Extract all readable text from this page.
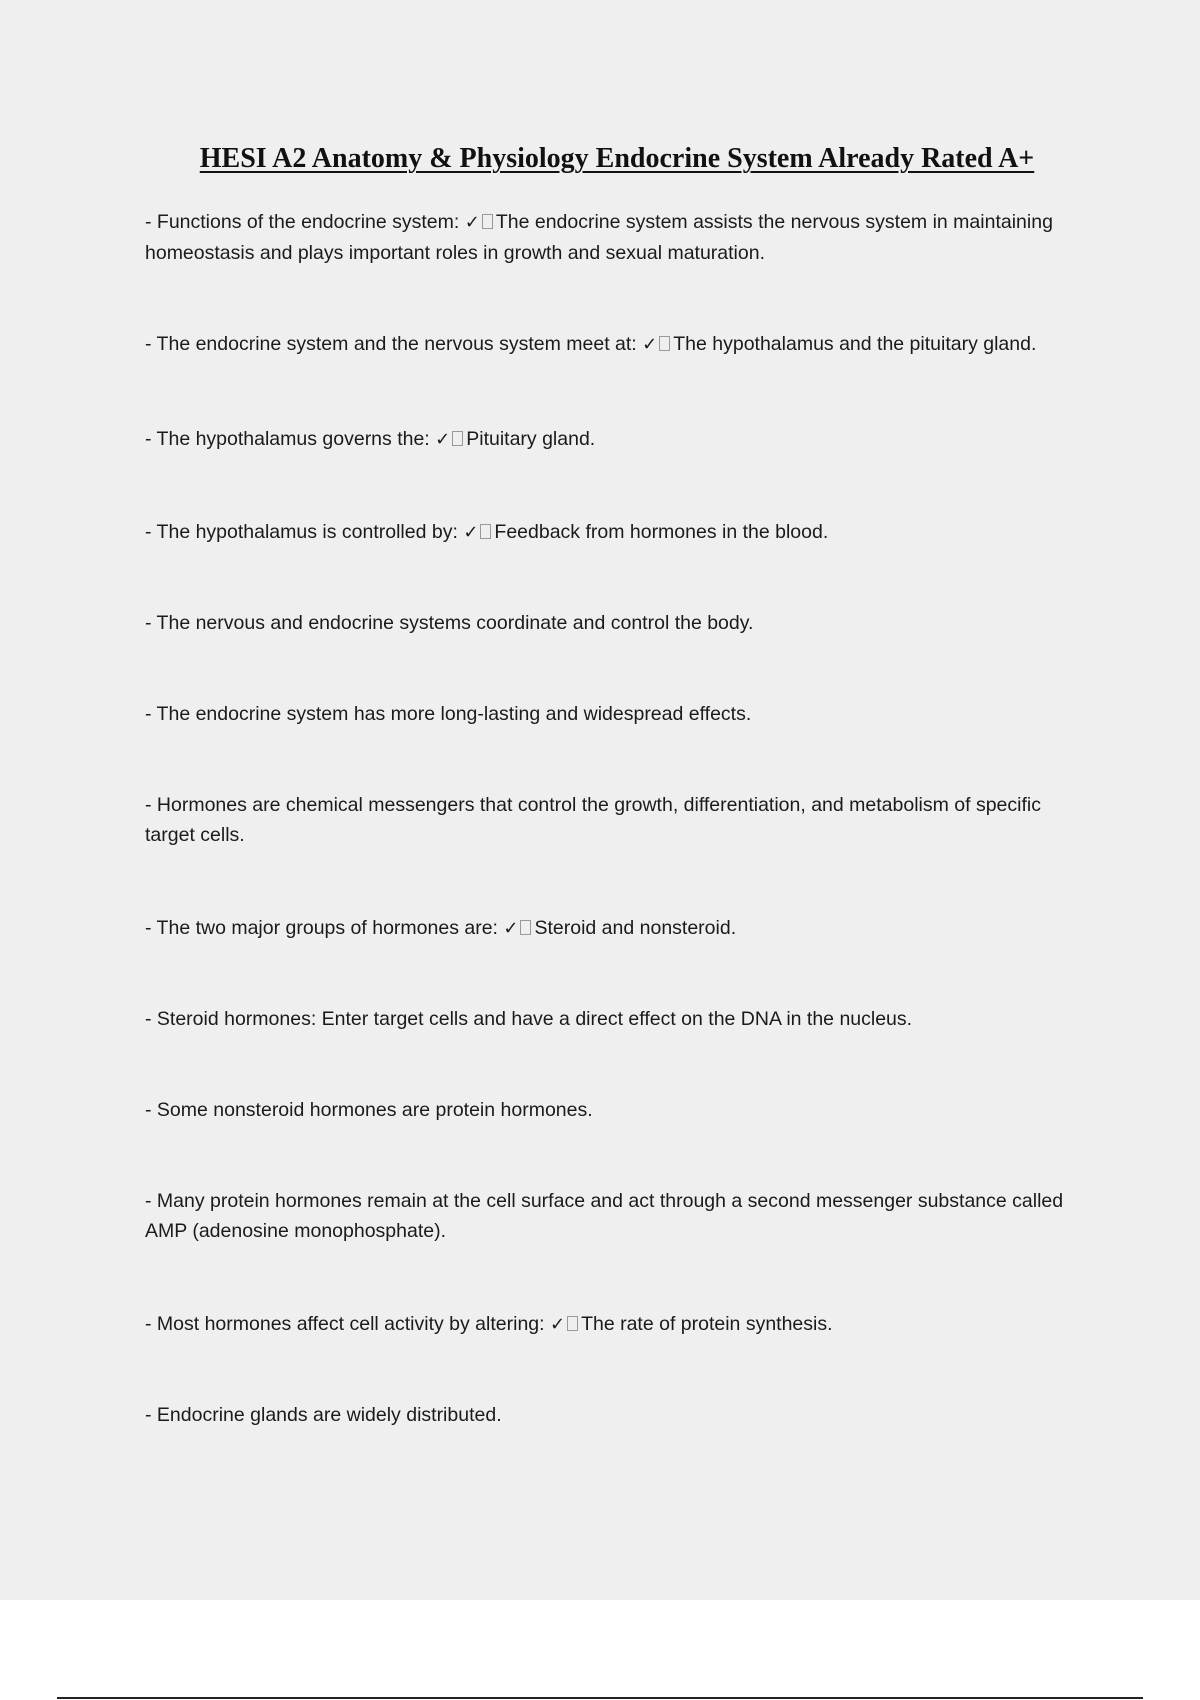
HESI A2 Anatomy & Physiology Endocrine System Already Rated A+

- Functions of the endocrine system: ✓ The endocrine system assists the nervous system in maintaining homeostasis and plays important roles in growth and sexual maturation.

- The endocrine system and the nervous system meet at: ✓ The hypothalamus and the pituitary gland.

- The hypothalamus governs the: ✓ Pituitary gland.

- The hypothalamus is controlled by: ✓ Feedback from hormones in the blood.

- The nervous and endocrine systems coordinate and control the body.

- The endocrine system has more long-lasting and widespread effects.

- Hormones are chemical messengers that control the growth, differentiation, and metabolism of specific target cells.

- The two major groups of hormones are: ✓ Steroid and nonsteroid.

- Steroid hormones: Enter target cells and have a direct effect on the DNA in the nucleus.

- Some nonsteroid hormones are protein hormones.

- Many protein hormones remain at the cell surface and act through a second messenger substance called AMP (adenosine monophosphate).

- Most hormones affect cell activity by altering: ✓ The rate of protein synthesis.

- Endocrine glands are widely distributed.
